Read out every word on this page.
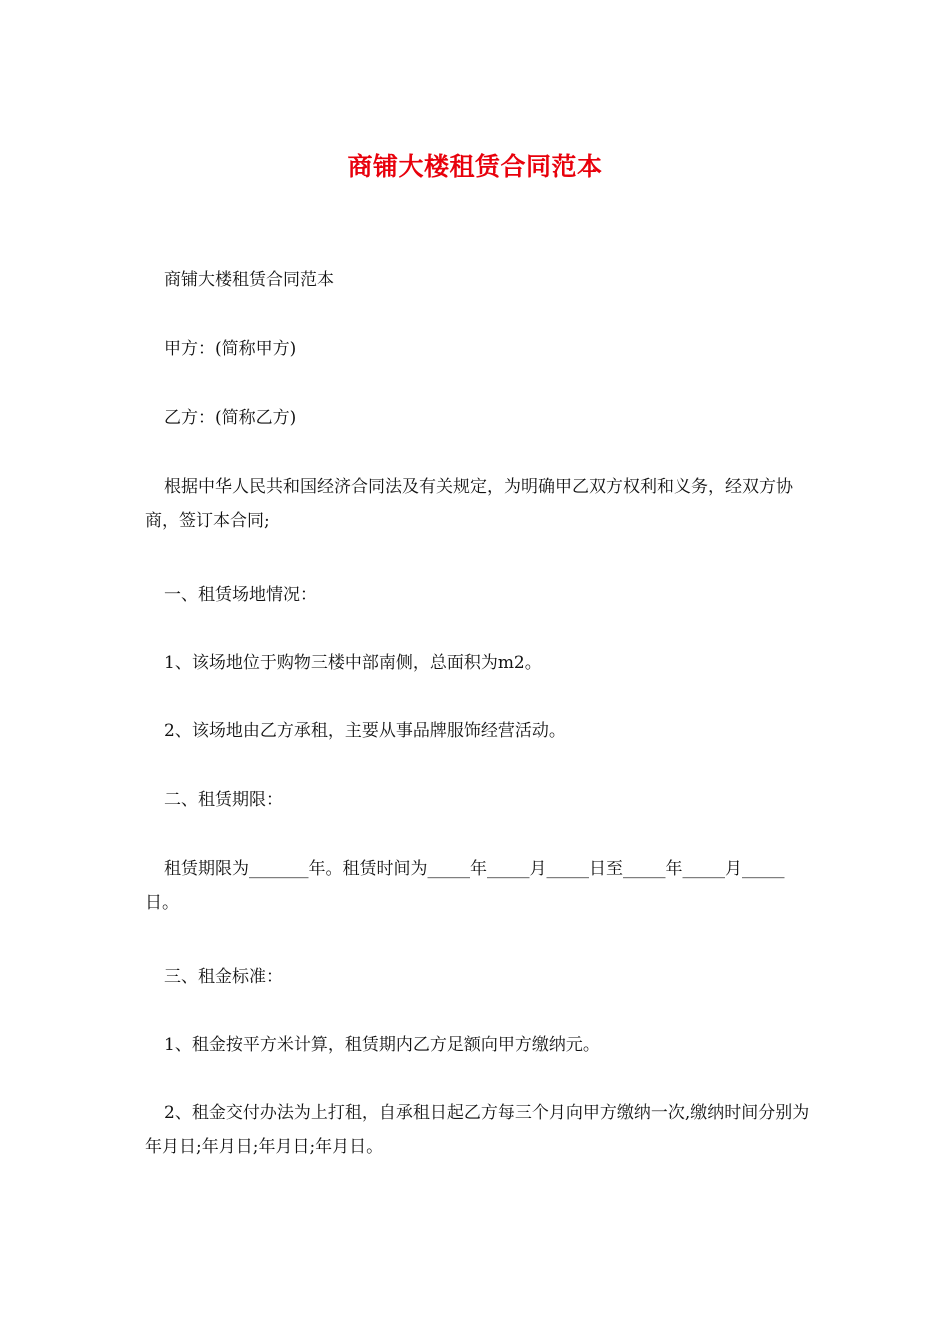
商铺大楼租赁合同范本
商铺大楼租赁合同范本
甲方：(简称甲方)
乙方：(简称乙方)
根据中华人民共和国经济合同法及有关规定，为明确甲乙双方权利和义务，经双方协商，签订本合同;
一、租赁场地情况：
1、该场地位于购物三楼中部南侧，总面积为m2。
2、该场地由乙方承租，主要从事品牌服饰经营活动。
二、租赁期限：
租赁期限为_______年。租赁时间为_____年_____月_____日至_____年_____月_____日。
三、租金标准：
1、租金按平方米计算，租赁期内乙方足额向甲方缴纳元。
2、租金交付办法为上打租，自承租日起乙方每三个月向甲方缴纳一次,缴纳时间分别为年月日;年月日;年月日;年月日。
